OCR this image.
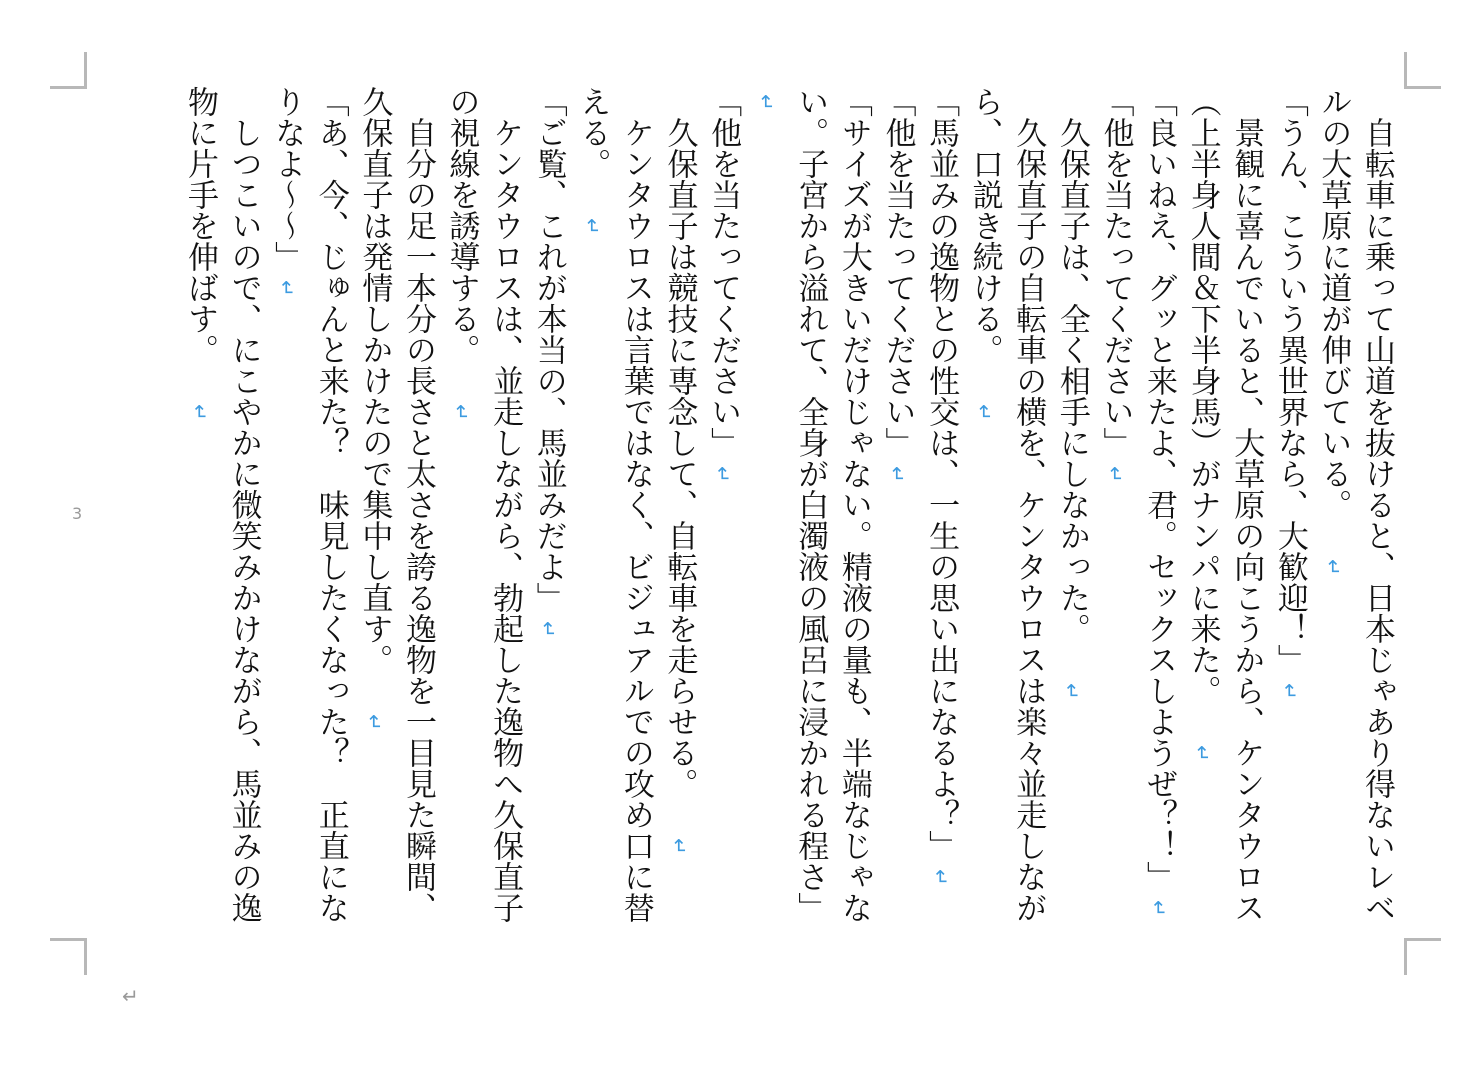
自転車に乗って山道を抜けると、日本じゃあり得ないレベルの大草原に道が伸びている。↵

「うん、こういう異世界なら、大歓迎！」↵

景観に喜んでいると、大草原の向こうから、ケンタウロス（上半身人間＆下半身馬）がナンパに来た。↵

「良いねえ、グッと来たよ、君。セックスしようぜ？！」↵

「他を当たってください」↵

久保直子は、全く相手にしなかった。↵

久保直子の自転車の横を、ケンタウロスは楽々並走しながら、口説き続ける。↵

「馬並みの逸物との性交は、一生の思い出になるよ？」↵

「他を当たってください」↵

「サイズが大きいだけじゃない。精液の量も、半端なじゃない。子宮から溢れて、全身が白濁液の風呂に浸かれる程さ」↵

「他を当たってください」↵

久保直子は競技に専念して、自転車を走らせる。↵

ケンタウロスは言葉ではなく、ビジュアルでの攻め口に替える。↵

「ご覧、これが本当の、馬並みだよ」↵

ケンタウロスは、並走しながら、勃起した逸物へ久保直子の視線を誘導する。↵

自分の足一本分の長さと太さを誇る逸物を一目見た瞬間、久保直子は発情しかけたので集中し直す。↵

「あ、今、じゅんと来た？　味見したくなった？　正直になりなよ〜〜」↵

しつこいので、にこやかに微笑みかけながら、馬並みの逸物に片手を伸ばす。↵

3
↵
